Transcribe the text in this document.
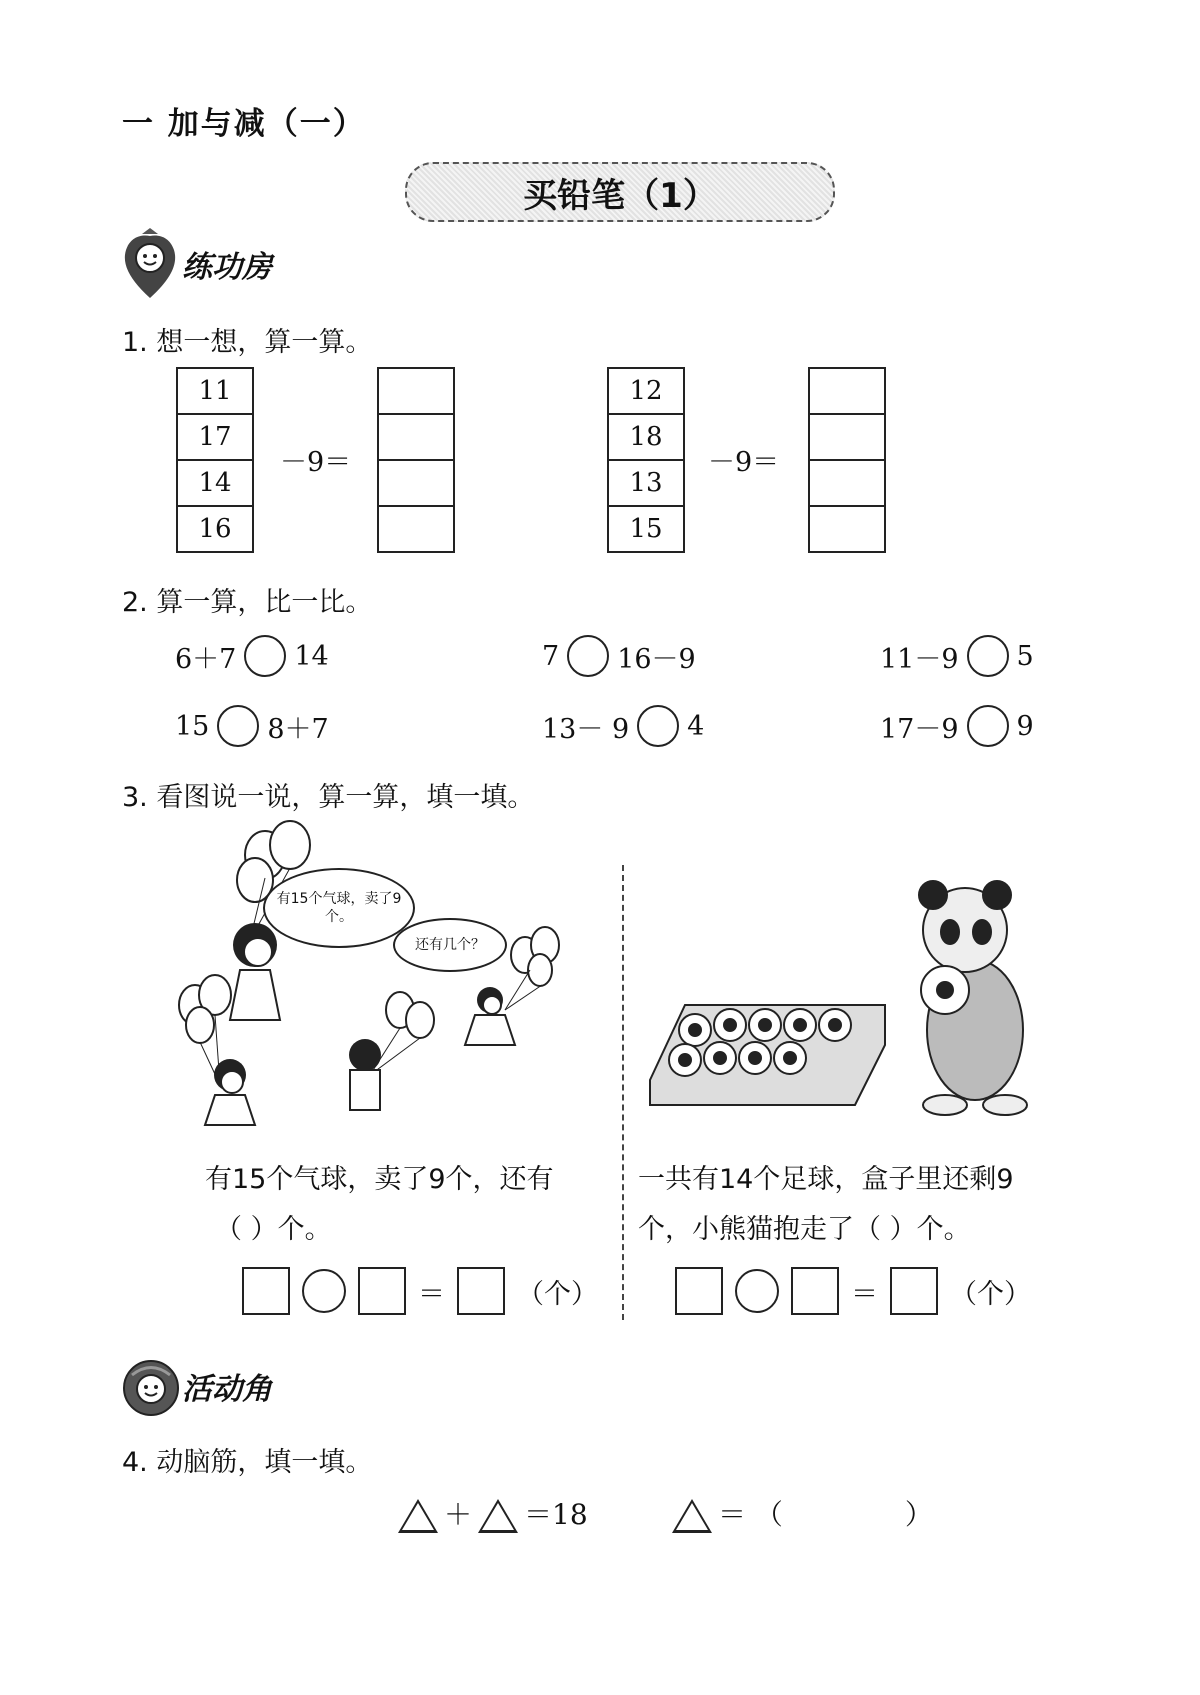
一 加与减（一）
买铅笔（1）
练功房
1. 想一想，算一算。
11
17
14
16
－9＝
12
18
13
15
－9＝
2. 算一算，比一比。
6＋7 14	7 16－9	11－9 5
15 8＋7	13－ 9 4	17－9 9
3. 看图说一说，算一算，填一填。
有15个气球，卖了9个。
还有几个？
有15个气球，卖了9个，还有
（ ）个。
＝	（个）
一共有14个足球，盒子里还剩9
个，小熊猫抱走了（ ）个。
＝	（个）
活动角
4. 动脑筋，填一填。
＋ ＝18	＝ （	）
